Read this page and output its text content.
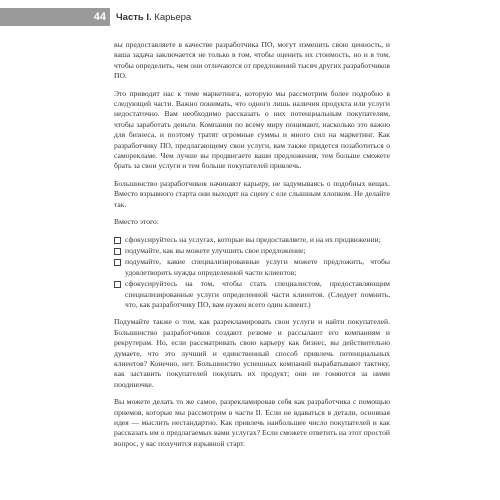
44	Часть I. Карьера

вы предоставляете в качестве разработчика ПО, могут изменить свою ценность, и ваша задача заключается не только в том, чтобы оценить их стоимость, но и в том, чтобы определить, чем они отличаются от предложений тысяч других разработчиков ПО.

Это приводит нас к теме маркетинга, которую мы рассмотрим более подробно в следующей части. Важно понимать, что одного лишь наличия продукта или услуги недостаточно. Вам необходимо рассказать о них потенциальным покупателям, чтобы заработать деньги. Компании по всему миру понимают, насколько это важно для бизнеса, и поэтому тратят огромные суммы и много сил на маркетинг. Как разработчику ПО, предлагающему свои услуги, вам также придется позаботиться о саморекламе. Чем лучше вы продвигаете ваши предложения, тем больше сможете брать за свои услуги и тем больше покупателей привлечь.

Большинство разработчиков начинают карьеру, не задумываясь о подобных вещах. Вместо взрывного старта они выходят на сцену с еле слышным хлопком. Не делайте так.

Вместо этого:

сфокусируйтесь на услугах, которые вы предоставляете, и на их продвижении;
подумайте, как вы можете улучшить свое предложение;
подумайте, какие специализированные услуги можете предложить, чтобы удовлетворить нужды определенной части клиентов;
сфокусируйтесь на том, чтобы стать специалистом, предоставляющим специализированные услуги определенной части клиентов. (Следует помнить, что, как разработчику ПО, вам нужен всего один клиент.)

Подумайте также о том, как разрекламировать свои услуги и найти покупателей. Большинство разработчиков создают резюме и рассылают его компаниям и рекрутерам. Но, если рассматривать свою карьеру как бизнес, вы действительно думаете, что это лучший и единственный способ привлечь потенциальных клиентов? Конечно, нет. Большинство успешных компаний вырабатывают тактику, как заставить покупателей покупать их продукт; они не гоняются за ними поодиночке.

Вы можете делать то же самое, разрекламировав себя как разработчика с помощью приемов, которые мы рассмотрим в части II. Если не вдаваться в детали, основная идея — мыслить нестандартно. Как привлечь наибольшее число покупателей и как рассказать им о предлагаемых вами услугах? Если сможете ответить на этот простой вопрос, у вас получится взрывной старт.
